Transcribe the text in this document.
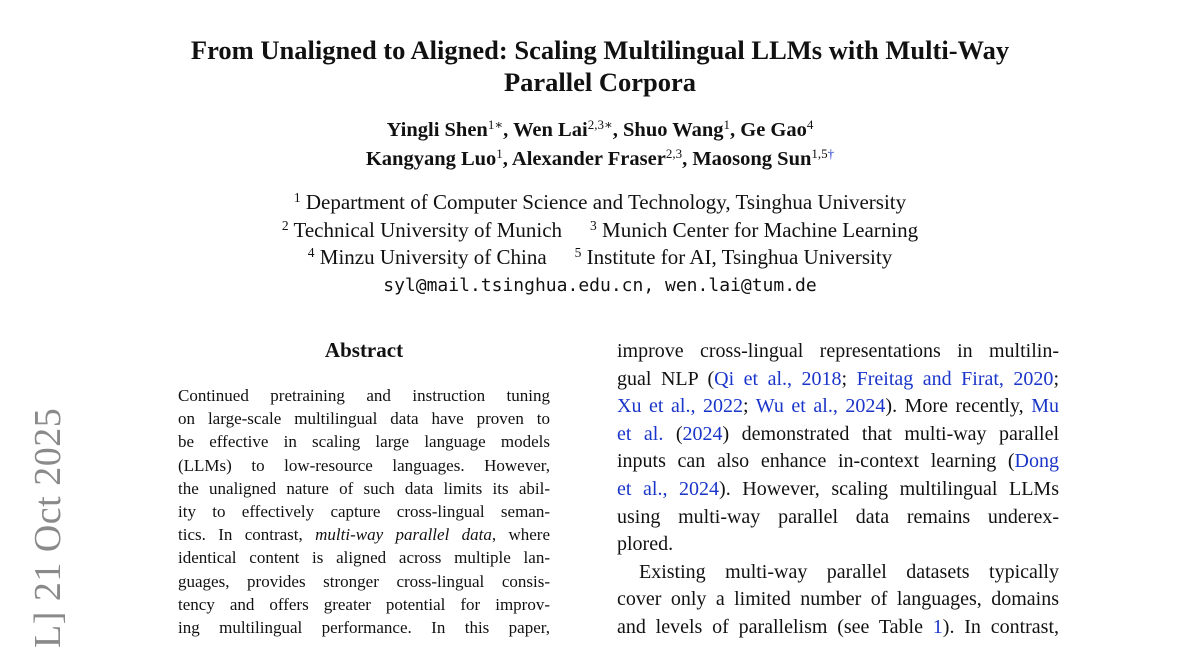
L] 21 Oct 2025
From Unaligned to Aligned: Scaling Multilingual LLMs with Multi-Way
Parallel Corpora
Yingli Shen$^{1∗}$, Wen Lai$^{2,3∗}$, Shuo Wang$^1$, Ge Gao$^4$
Kangyang Luo$^1$, Alexander Fraser$^{2,3}$, Maosong Sun$^{1,5\dagger}$
$^1$ Department of Computer Science and Technology, Tsinghua University
$^2$ Technical University of Munich $^3$ Munich Center for Machine Learning
$^4$ Minzu University of China $^5$ Institute for AI, Tsinghua University
syl@mail.tsinghua.edu.cn, wen.lai@tum.de
Abstract
Continued pretraining and instruction tuning
on large-scale multilingual data have proven to
be effective in scaling large language models
(LLMs) to low-resource languages. However,
the unaligned nature of such data limits its abil-
ity to effectively capture cross-lingual seman-
tics. In contrast, multi-way parallel data, where
identical content is aligned across multiple lan-
guages, provides stronger cross-lingual consis-
tency and offers greater potential for improv-
ing multilingual performance. In this paper,
improve cross-lingual representations in multilin-
gual NLP (Qi et al., 2018; Freitag and Firat, 2020;
Xu et al., 2022; Wu et al., 2024). More recently, Mu
et al. (2024) demonstrated that multi-way parallel
inputs can also enhance in-context learning (Dong
et al., 2024). However, scaling multilingual LLMs
using multi-way parallel data remains underex-
plored.
Existing multi-way parallel datasets typically
cover only a limited number of languages, domains
and levels of parallelism (see Table 1). In contrast,
